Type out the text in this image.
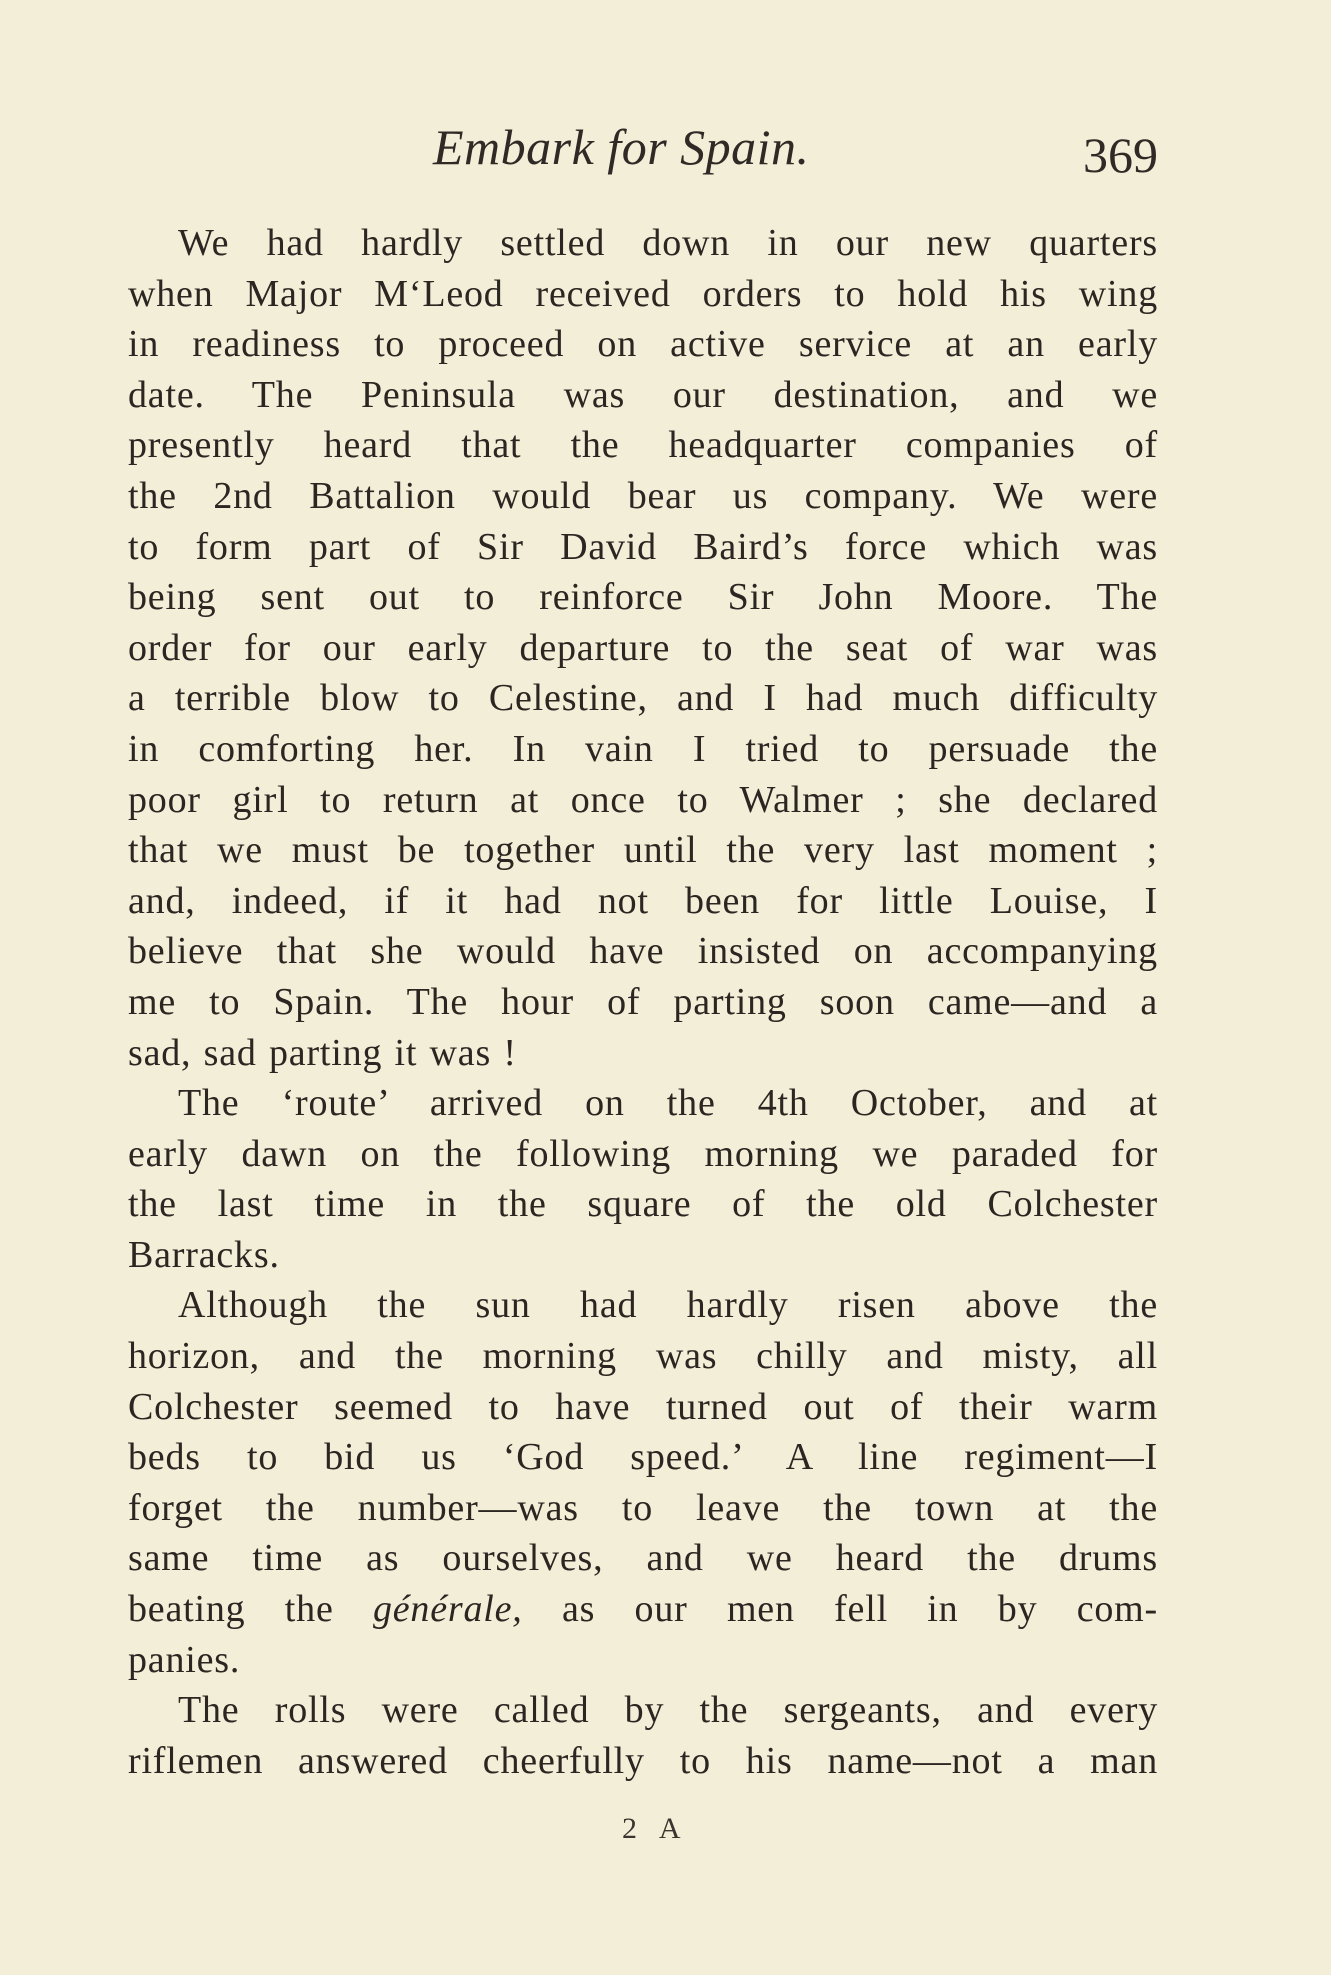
Embark for Spain.	369
We had hardly settled down in our new quarters
when Major M‘Leod received orders to hold his wing
in readiness to proceed on active service at an early
date. The Peninsula was our destination, and we
presently heard that the headquarter companies of
the 2nd Battalion would bear us company. We were
to form part of Sir David Baird’s force which was
being sent out to reinforce Sir John Moore. The
order for our early departure to the seat of war was
a terrible blow to Celestine, and I had much difficulty
in comforting her. In vain I tried to persuade the
poor girl to return at once to Walmer ; she declared
that we must be together until the very last moment ;
and, indeed, if it had not been for little Louise, I
believe that she would have insisted on accompanying
me to Spain. The hour of parting soon came—and a
sad, sad parting it was !
The ‘route’ arrived on the 4th October, and at
early dawn on the following morning we paraded for
the last time in the square of the old Colchester
Barracks.
Although the sun had hardly risen above the
horizon, and the morning was chilly and misty, all
Colchester seemed to have turned out of their warm
beds to bid us ‘God speed.’ A line regiment—I
forget the number—was to leave the town at the
same time as ourselves, and we heard the drums
beating the générale, as our men fell in by com-
panies.
The rolls were called by the sergeants, and every
riflemen answered cheerfully to his name—not a man
2 A
